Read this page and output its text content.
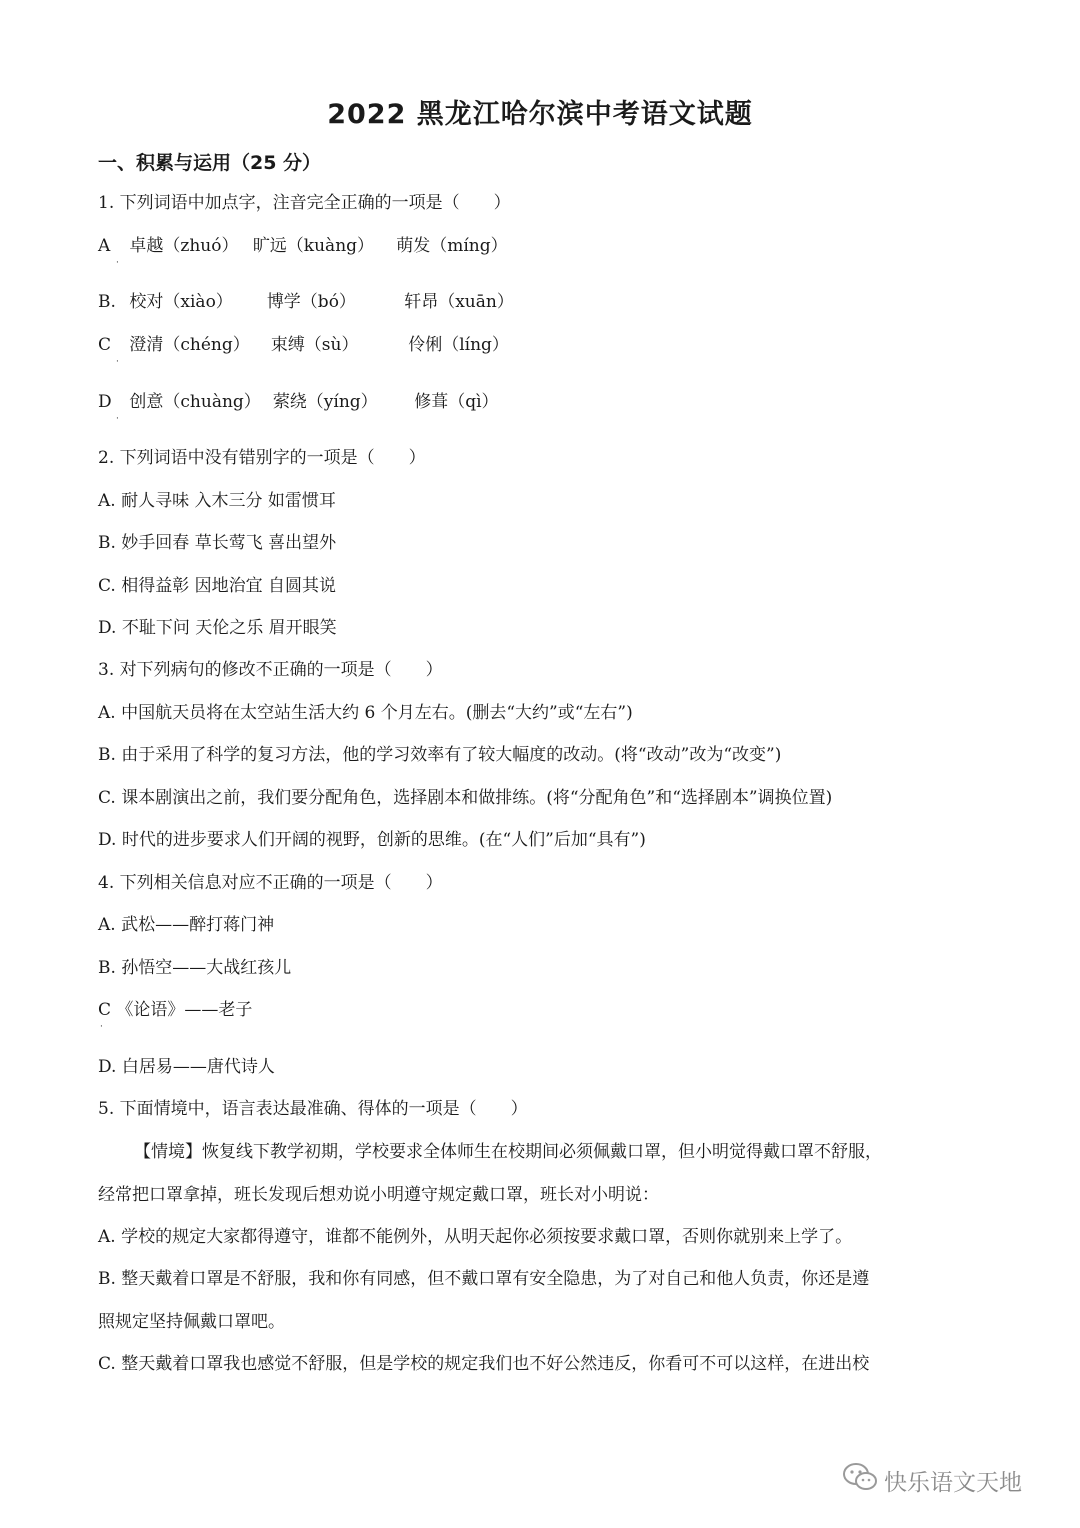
2022 黑龙江哈尔滨中考语文试题
一、积累与运用（25 分）
1. 下列词语中加点字，注音完全正确的一项是（　　）
A 卓越（zhuó） 旷远（kuàng） 萌发（míng）
·
B. 校对（xiào） 博学（bó）	轩昂（xuān）
C 澄清（chéng） 束缚（sù）	伶俐（líng）
·
D 创意（chuàng） 萦绕（yíng） 修葺（qì）
·
2. 下列词语中没有错别字的一项是（　　）
A. 耐人寻味 入木三分 如雷惯耳
B. 妙手回春 草长莺飞 喜出望外
C. 相得益彰 因地治宜 自圆其说
D. 不耻下问 天伦之乐 眉开眼笑
3. 对下列病句的修改不正确的一项是（　　）
A. 中国航天员将在太空站生活大约 6 个月左右。(删去“大约”或“左右”)
B. 由于采用了科学的复习方法，他的学习效率有了较大幅度的改动。(将“改动”改为“改变”)
C. 课本剧演出之前，我们要分配角色，选择剧本和做排练。(将“分配角色”和“选择剧本”调换位置)
D. 时代的进步要求人们开阔的视野，创新的思维。(在“人们”后加“具有”)
4. 下列相关信息对应不正确的一项是（　　）
A. 武松——醉打蒋门神
B. 孙悟空——大战红孩儿
C 《论语》——老子
·
D. 白居易——唐代诗人
5. 下面情境中，语言表达最准确、得体的一项是（　　）
【情境】恢复线下教学初期，学校要求全体师生在校期间必须佩戴口罩，但小明觉得戴口罩不舒服，
经常把口罩拿掉，班长发现后想劝说小明遵守规定戴口罩，班长对小明说：
A. 学校的规定大家都得遵守，谁都不能例外，从明天起你必须按要求戴口罩，否则你就别来上学了。
B. 整天戴着口罩是不舒服，我和你有同感，但不戴口罩有安全隐患，为了对自己和他人负责，你还是遵
照规定坚持佩戴口罩吧。
C. 整天戴着口罩我也感觉不舒服，但是学校的规定我们也不好公然违反，你看可不可以这样，在进出校
快乐语文天地
